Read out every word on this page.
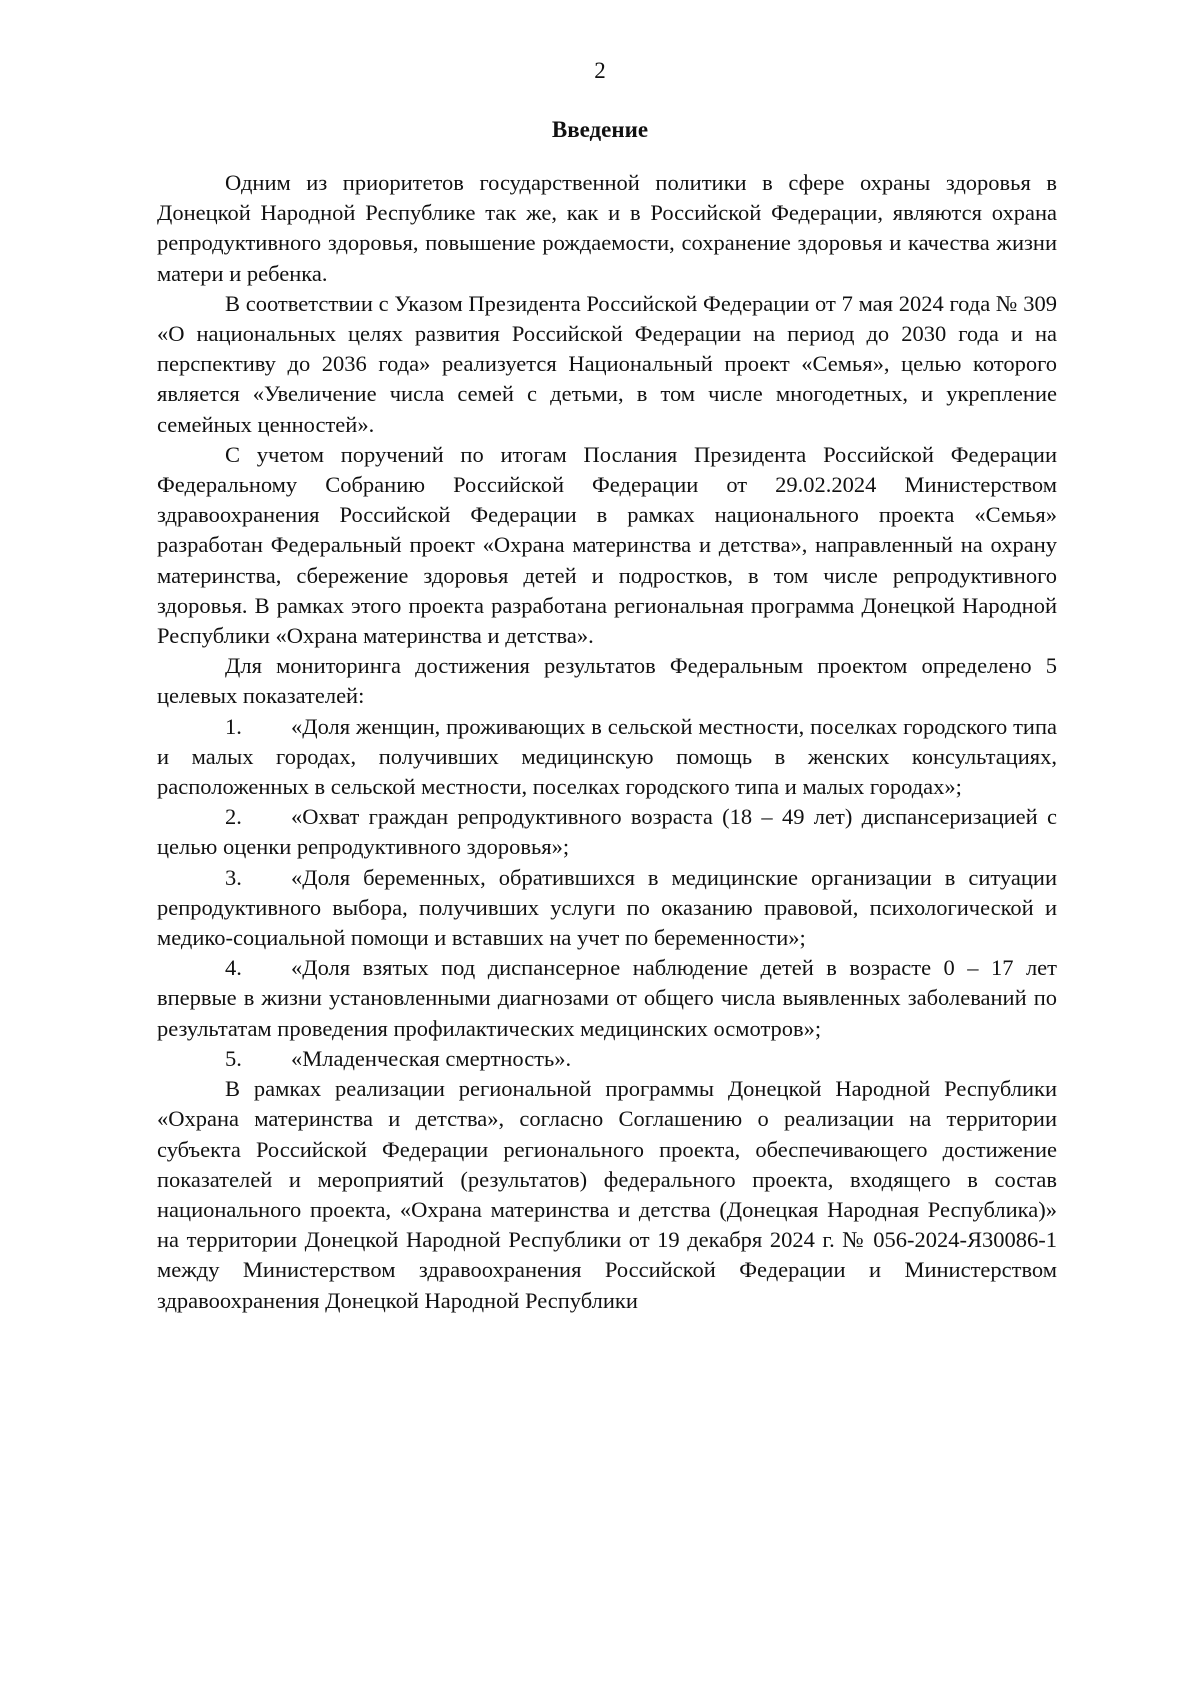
2
Введение

Одним из приоритетов государственной политики в сфере охраны здоровья в Донецкой Народной Республике так же, как и в Российской Федерации, являются охрана репродуктивного здоровья, повышение рождаемости, сохранение здоровья и качества жизни матери и ребенка.

В соответствии с Указом Президента Российской Федерации от 7 мая 2024 года № 309 «О национальных целях развития Российской Федерации на период до 2030 года и на перспективу до 2036 года» реализуется Национальный проект «Семья», целью которого является «Увеличение числа семей с детьми, в том числе многодетных, и укрепление семейных ценностей».

С учетом поручений по итогам Послания Президента Российской Федерации Федеральному Собранию Российской Федерации от 29.02.2024 Министерством здравоохранения Российской Федерации в рамках национального проекта «Семья» разработан Федеральный проект «Охрана материнства и детства», направленный на охрану материнства, сбережение здоровья детей и подростков, в том числе репродуктивного здоровья. В рамках этого проекта разработана региональная программа Донецкой Народной Республики «Охрана материнства и детства».

Для мониторинга достижения результатов Федеральным проектом определено 5 целевых показателей:

1. «Доля женщин, проживающих в сельской местности, поселках городского типа и малых городах, получивших медицинскую помощь в женских консультациях, расположенных в сельской местности, поселках городского типа и малых городах»;

2. «Охват граждан репродуктивного возраста (18 – 49 лет) диспансеризацией с целью оценки репродуктивного здоровья»;

3. «Доля беременных, обратившихся в медицинские организации в ситуации репродуктивного выбора, получивших услуги по оказанию правовой, психологической и медико-социальной помощи и вставших на учет по беременности»;

4. «Доля взятых под диспансерное наблюдение детей в возрасте 0 – 17 лет впервые в жизни установленными диагнозами от общего числа выявленных заболеваний по результатам проведения профилактических медицинских осмотров»;

5. «Младенческая смертность».

В рамках реализации региональной программы Донецкой Народной Республики «Охрана материнства и детства», согласно Соглашению о реализации на территории субъекта Российской Федерации регионального проекта, обеспечивающего достижение показателей и мероприятий (результатов) федерального проекта, входящего в состав национального проекта, «Охрана материнства и детства (Донецкая Народная Республика)» на территории Донецкой Народной Республики от 19 декабря 2024 г. № 056-2024-Я30086-1 между Министерством здравоохранения Российской Федерации и Министерством здравоохранения Донецкой Народной Республики
